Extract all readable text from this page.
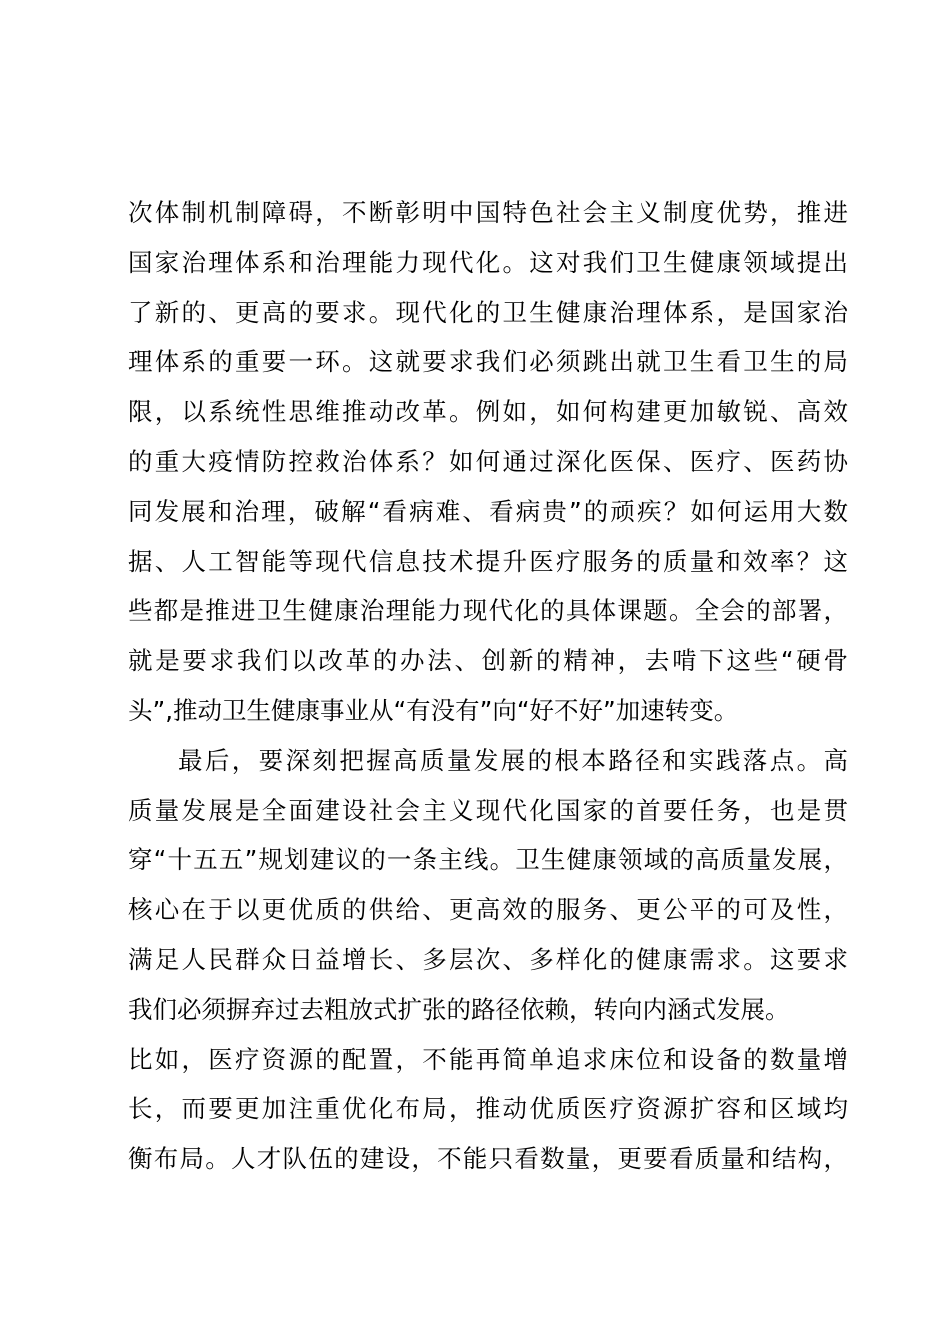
次体制机制障碍，不断彰明中国特色社会主义制度优势，推进
国家治理体系和治理能力现代化。这对我们卫生健康领域提出
了新的、更高的要求。现代化的卫生健康治理体系，是国家治
理体系的重要一环。这就要求我们必须跳出就卫生看卫生的局
限，以系统性思维推动改革。例如，如何构建更加敏锐、高效
的重大疫情防控救治体系？如何通过深化医保、医疗、医药协
同发展和治理，破解“看病难、看病贵”的顽疾？如何运用大数
据、人工智能等现代信息技术提升医疗服务的质量和效率？这
些都是推进卫生健康治理能力现代化的具体课题。全会的部署，
就是要求我们以改革的办法、创新的精神，去啃下这些“硬骨
头”,推动卫生健康事业从“有没有”向“好不好”加速转变。
最后，要深刻把握高质量发展的根本路径和实践落点。高
质量发展是全面建设社会主义现代化国家的首要任务，也是贯
穿“十五五”规划建议的一条主线。卫生健康领域的高质量发展，
核心在于以更优质的供给、更高效的服务、更公平的可及性，
满足人民群众日益增长、多层次、多样化的健康需求。这要求
我们必须摒弃过去粗放式扩张的路径依赖，转向内涵式发展。
比如，医疗资源的配置，不能再简单追求床位和设备的数量增
长，而要更加注重优化布局，推动优质医疗资源扩容和区域均
衡布局。人才队伍的建设，不能只看数量，更要看质量和结构，
